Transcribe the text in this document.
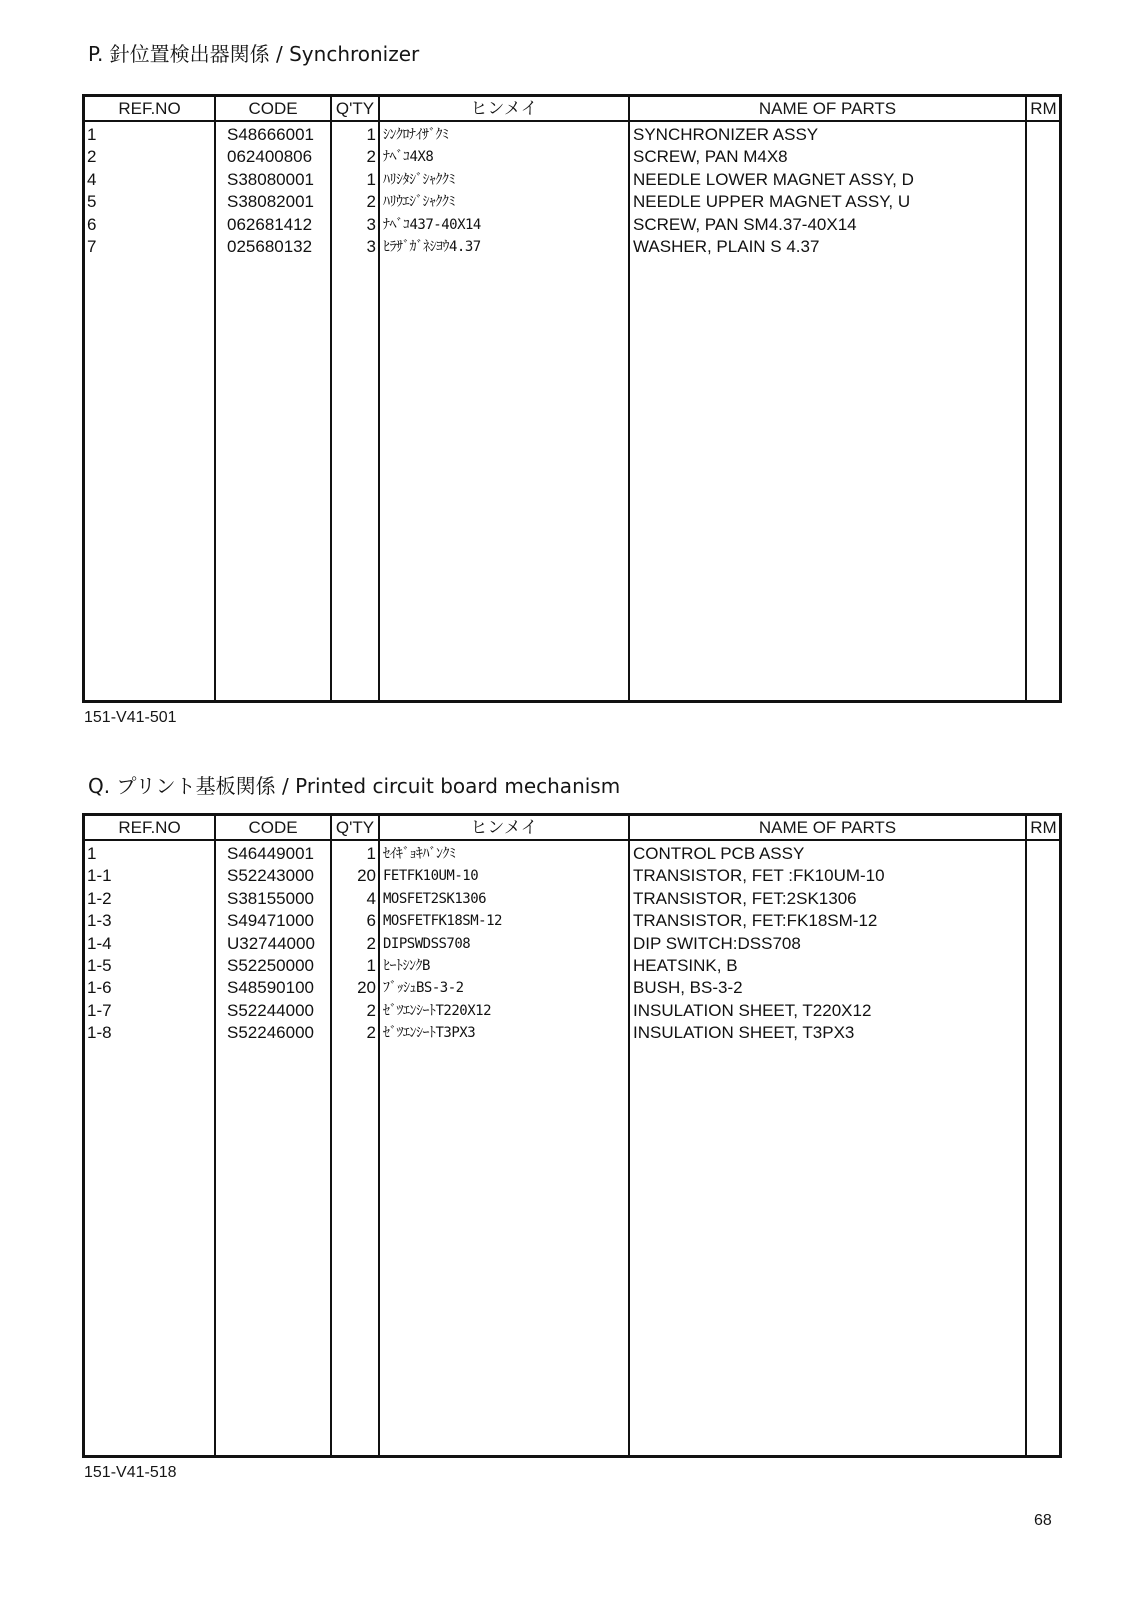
P. 針位置検出器関係 / Synchronizer
REF.NO	CODE	Q'TY	ヒンメイ	NAME OF PARTS	RM
1	S48666001	1 ｼﾝｸﾛﾅｲｻﾞｸﾐ	SYNCHRONIZER ASSY
2	062400806	2 ﾅﾍﾞｺ4X8	SCREW, PAN M4X8
4	S38080001	1 ﾊﾘｼﾀｼﾞｼｬｸｸﾐ	NEEDLE LOWER MAGNET ASSY, D
5	S38082001	2 ﾊﾘｳｴｼﾞｼｬｸｸﾐ	NEEDLE UPPER MAGNET ASSY, U
6	062681412	3 ﾅﾍﾞｺ437-40X14	SCREW, PAN SM4.37-40X14
7	025680132	3 ﾋﾗｻﾞｶﾞﾈｼﾖｳ4.37	WASHER, PLAIN S 4.37
151-V41-501
Q. プリント基板関係 / Printed circuit board mechanism
REF.NO	CODE	Q'TY	ヒンメイ	NAME OF PARTS	RM
1	S46449001	1 ｾｲｷﾞｮｷﾊﾞﾝｸﾐ	CONTROL PCB ASSY
1-1	S52243000	20 FETFK10UM-10	TRANSISTOR, FET :FK10UM-10
1-2	S38155000	4 MOSFET2SK1306	TRANSISTOR, FET:2SK1306
1-3	S49471000	6 MOSFETFK18SM-12	TRANSISTOR, FET:FK18SM-12
1-4	U32744000	2 DIPSWDSS708	DIP SWITCH:DSS708
1-5	S52250000	1 ﾋｰﾄｼﾝｸB	HEATSINK, B
1-6	S48590100	20 ﾌﾞｯｼｭBS-3-2	BUSH, BS-3-2
1-7	S52244000	2 ｾﾞﾂｴﾝｼｰﾄT220X12	INSULATION SHEET, T220X12
1-8	S52246000	2 ｾﾞﾂｴﾝｼｰﾄT3PX3	INSULATION SHEET, T3PX3
151-V41-518
68
